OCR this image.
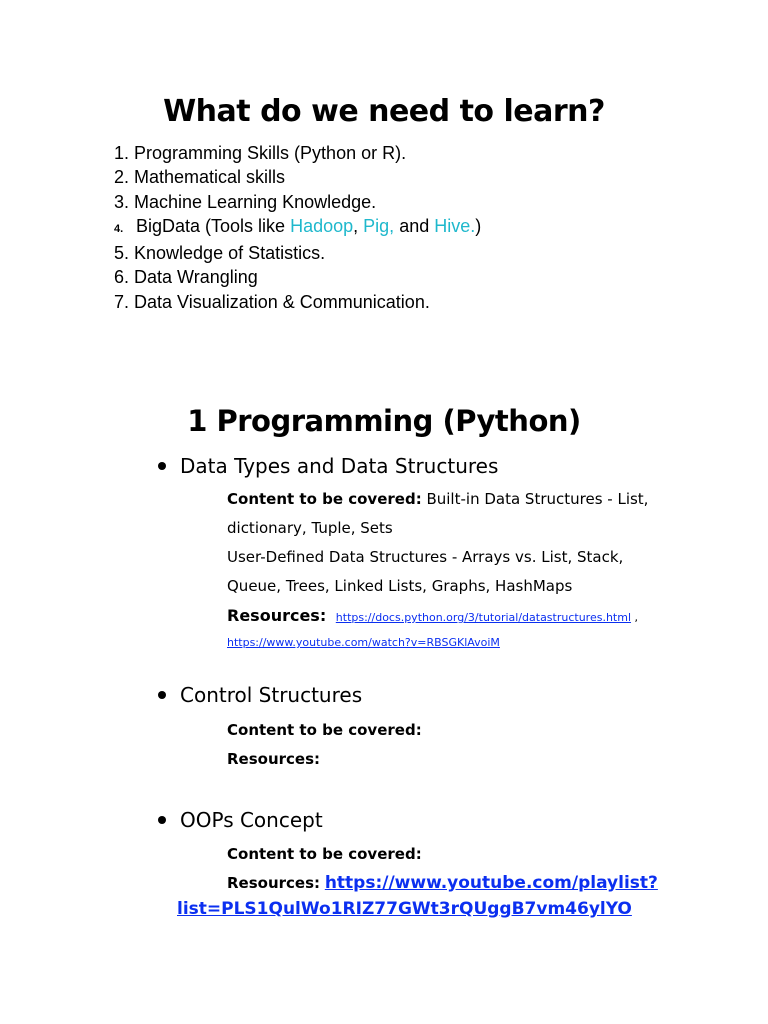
What do we need to learn?
1. Programming Skills (Python or R).
2. Mathematical skills
3. Machine Learning Knowledge.
4. BigData (Tools like Hadoop, Pig, and Hive.)
5. Knowledge of Statistics.
6. Data Wrangling
7. Data Visualization & Communication.
1 Programming (Python)
Data Types and Data Structures
Content to be covered: Built-in Data Structures - List,
dictionary, Tuple, Sets
User-Defined Data Structures - Arrays vs. List, Stack,
Queue, Trees, Linked Lists, Graphs, HashMaps
Resources: https://docs.python.org/3/tutorial/datastructures.html ,
https://www.youtube.com/watch?v=RBSGKlAvoiM
Control Structures
Content to be covered:
Resources:
OOPs Concept
Content to be covered:
Resources: https://www.youtube.com/playlist?
list=PLS1QulWo1RIZ77GWt3rQUggB7vm46ylYO
